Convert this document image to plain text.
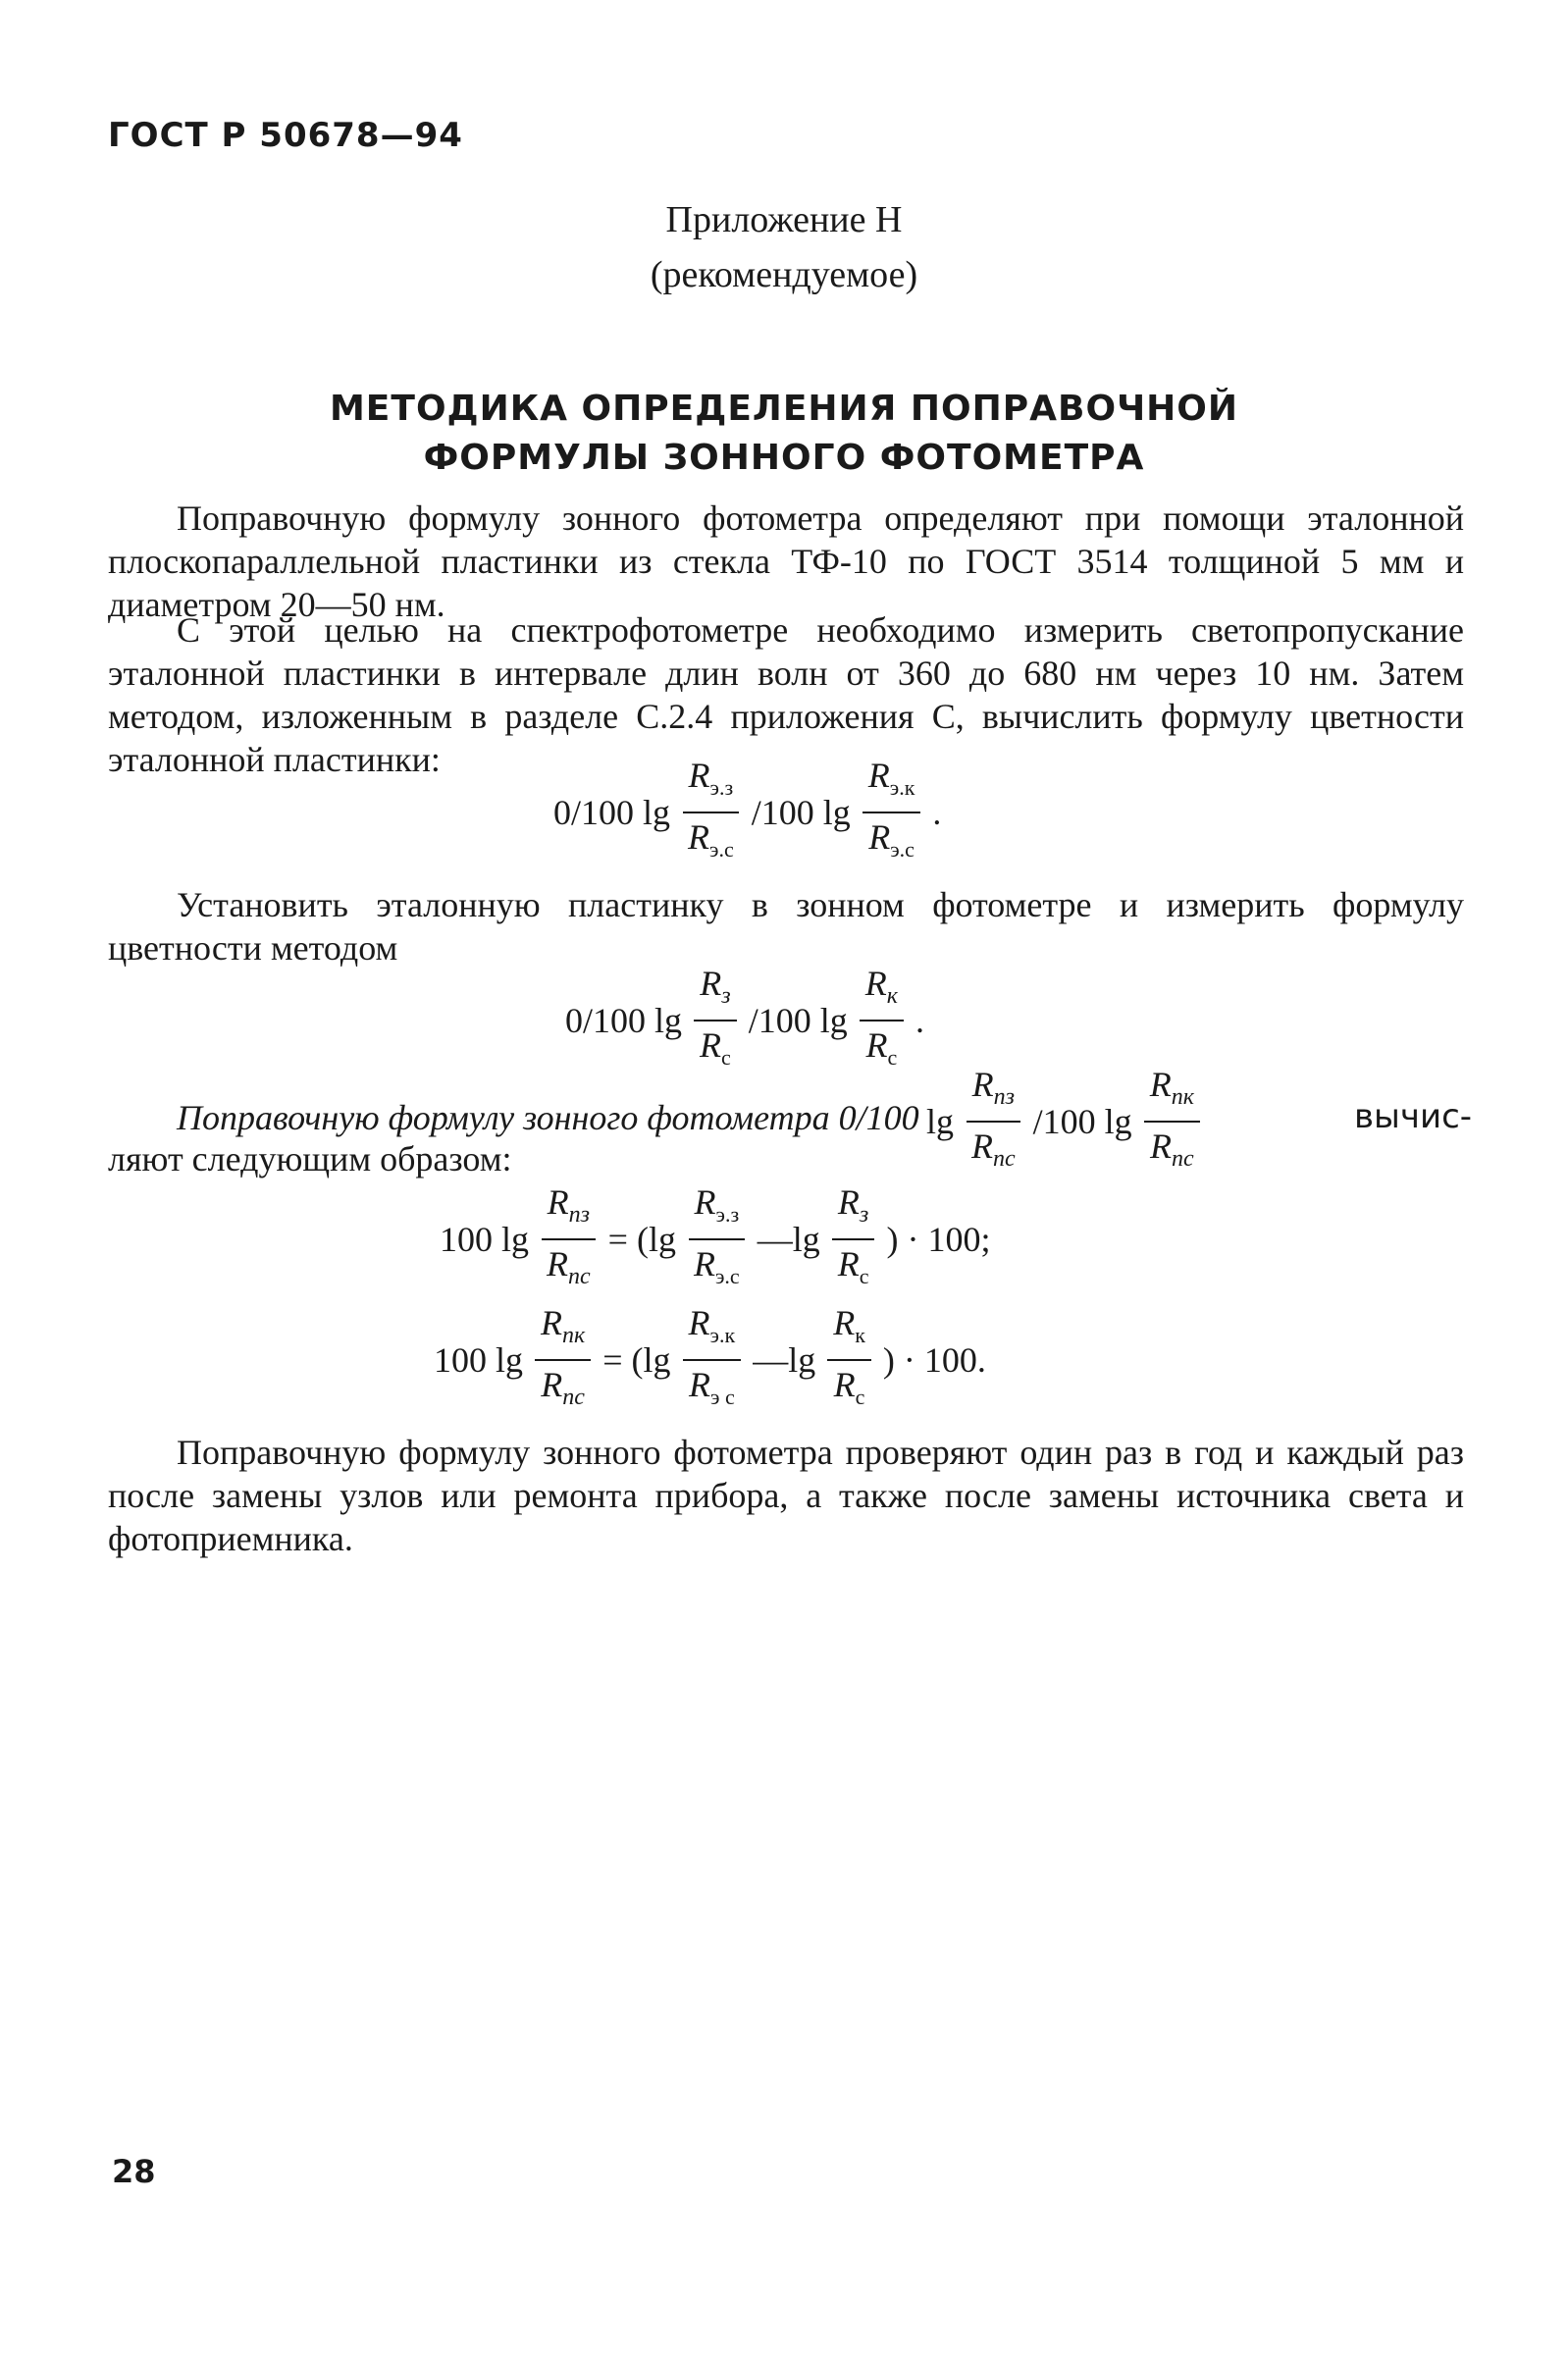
ГОСТ Р 50678—94
Приложение Н
(рекомендуемое)
МЕТОДИКА ОПРЕДЕЛЕНИЯ ПОПРАВОЧНОЙ
ФОРМУЛЫ ЗОННОГО ФОТОМЕТРА

Поправочную формулу зонного фотометра определяют при помощи эталонной плоскопараллельной пластинки из стекла ТФ-10 по ГОСТ 3514 толщиной 5 мм и диаметром 20—50 нм.

С этой целью на спектрофотометре необходимо измерить светопропускание эталонной пластинки в интервале длин волн от 360 до 680 нм через 10 нм. Затем методом, изложенным в разделе С.2.4 приложения С, вычислить формулу цветности эталонной пластинки:

0/100 $\lg \frac{R_{э.з}}{R_{э.с}} /100$ $\lg \frac{R_{э.к}}{R_{э.с}}$ .

Установить эталонную пластинку в зонном фотометре и измерить формулу цветности методом

0/100 $\lg \frac{R_з}{R_с} /100$ $\lg \frac{R_к}{R_с}$ .
Поправочную формулу зонного фотометра 0/100 $\lg \frac{R_{пз}}{R_{пс}} /100$ $\lg \frac{R_{пк}}{R_{пс}}$	вычис-
ляют следующим образом:
100 $\lg \frac{R_{пз}}{R_{пс}} = (\lg \frac{R_{э.з}}{R_{э.с}}$ —lg $\frac{R_з}{R_с}$ ) · 100;
100 $\lg \frac{R_{пк}}{R_{пс}} = (\lg \frac{R_{э.к}}{R_{э с}}$ —lg $\frac{R_к}{R_с}$ ) · 100.

Поправочную формулу зонного фотометра проверяют один раз в год и каждый раз после замены узлов или ремонта прибора, а также после замены источника света и фотоприемника.

28
